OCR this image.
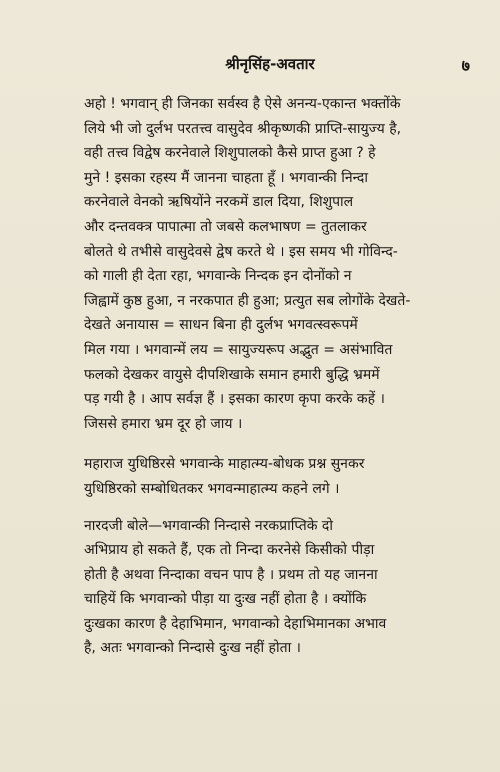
श्रीनृसिंह-अवतार	७

अहो ! भगवान् ही जिनका सर्वस्व है ऐसे अनन्य-एकान्त भक्तोंके
लिये भी जो दुर्लभ परतत्त्व वासुदेव श्रीकृष्णकी प्राप्ति-सायुज्य है,
वही तत्त्व विद्वेष करनेवाले शिशुपालको कैसे प्राप्त हुआ ? हे
मुने ! इसका रहस्य मैं जानना चाहता हूँ । भगवान्की निन्दा
करनेवाले वेनको ऋषियोंने नरकमें डाल दिया, शिशुपाल
और दन्तवक्त्र पापात्मा तो जबसे कलभाषण = तुतलाकर
बोलते थे तभीसे वासुदेवसे द्वेष करते थे । इस समय भी गोविन्द-
को गाली ही देता रहा, भगवान्के निन्दक इन दोनोंको न
जिह्वामें कुष्ठ हुआ, न नरकपात ही हुआ; प्रत्युत सब लोगोंके देखते-
देखते अनायास = साधन बिना ही दुर्लभ भगवत्स्वरूपमें
मिल गया । भगवान्में लय = सायुज्यरूप अद्भुत = असंभावित
फलको देखकर वायुसे दीपशिखाके समान हमारी बुद्धि भ्रममें
पड़ गयी है । आप सर्वज्ञ हैं । इसका कारण कृपा करके कहें ।
जिससे हमारा भ्रम दूर हो जाय ।

महाराज युधिष्ठिरसे भगवान्के माहात्म्य-बोधक प्रश्न सुनकर
युधिष्ठिरको सम्बोधितकर भगवन्माहात्म्य कहने लगे ।

नारदजी बोले—भगवान्की निन्दासे नरकप्राप्तिके दो
अभिप्राय हो सकते हैं, एक तो निन्दा करनेसे किसीको पीड़ा
होती है अथवा निन्दाका वचन पाप है । प्रथम तो यह जानना
चाहियें कि भगवान्को पीड़ा या दुःख नहीं होता है । क्योंकि
दुःखका कारण है देहाभिमान, भगवान्को देहाभिमानका अभाव
है, अतः भगवान्को निन्दासे दुःख नहीं होता ।
